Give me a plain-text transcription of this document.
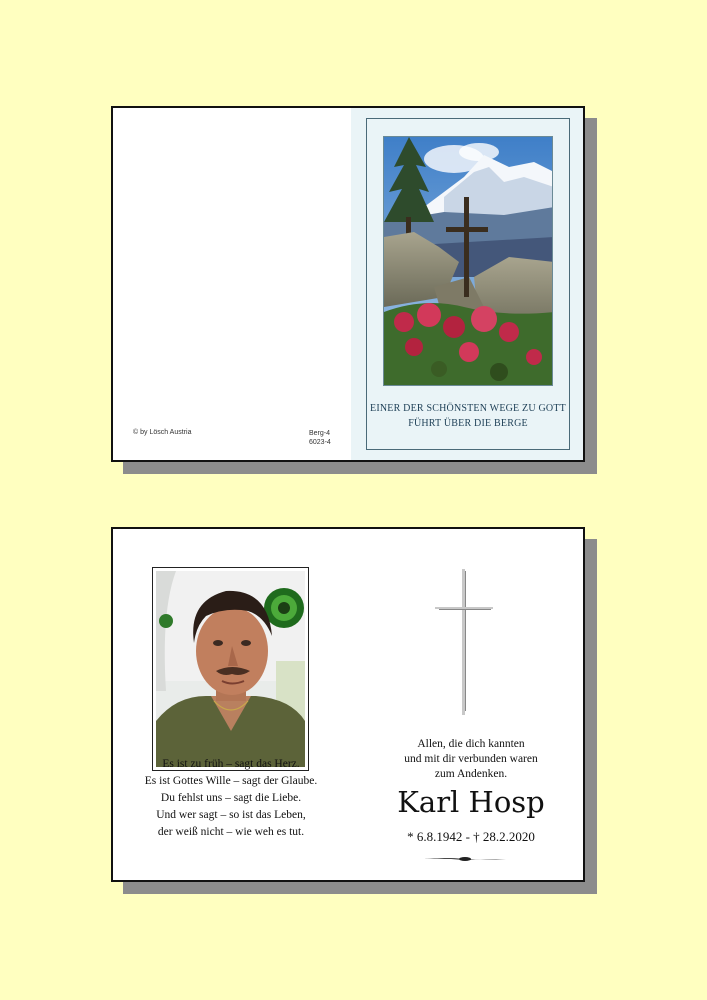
© by Lösch Austria	Berg-4
6023-4
EINER DER SCHÖNSTEN WEGE ZU GOTT
FÜHRT ÜBER DIE BERGE
Es ist zu früh – sagt das Herz.
Es ist Gottes Wille – sagt der Glaube.
Du fehlst uns – sagt die Liebe.
Und wer sagt – so ist das Leben,
der weiß nicht – wie weh es tut.
Allen, die dich kannten
und mit dir verbunden waren
zum Andenken.
Karl Hosp
* 6.8.1942 - † 28.2.2020
